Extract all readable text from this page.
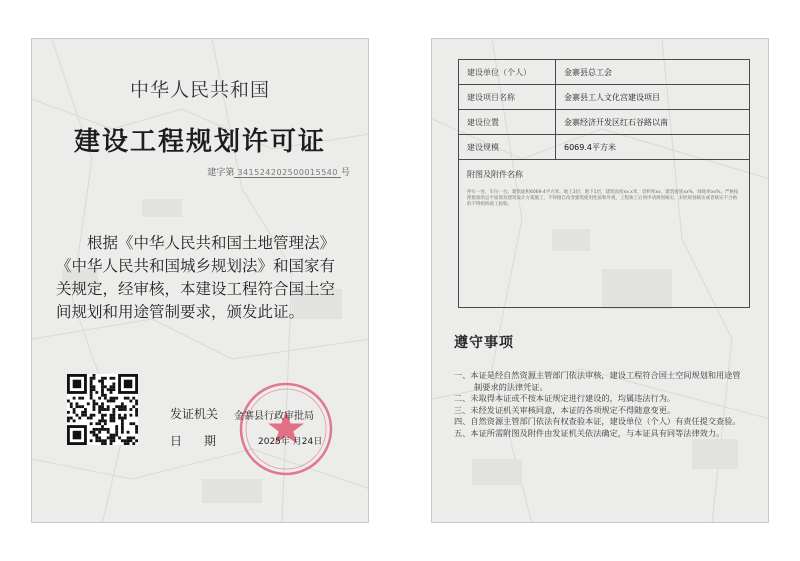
中华人民共和国
建设工程规划许可证
建字第 341524202500015540 号
根据《中华人民共和国土地管理法》《中华人民共和国城乡规划法》和国家有关规定，经审核，本建设工程符合国土空间规划和用途管制要求，颁发此证。
发证机关 金寨县行政审批局
日期 2025年 月24日
建设单位（个人）	金寨县总工会
建设项目名称	金寨县工人文化宫建设项目
建设位置	金寨经济开发区红石谷路以南
建设规模	6069.4平方米

附图及附件名称
停车一处，车位一台。建筑面积6069.4平方米，地上3层，地下1层，建筑高度xx.x米，容积率xx，建筑密度xx%，绿地率xx%。严格按照批准的总平面图及建筑设计方案施工，不得擅自改变建筑使用性质和外观，工程竣工后须申请规划核实，未经规划核实或者核实不合格的不得组织竣工验收。	
遵守事项
一、本证是经自然资源主管部门依法审核，建设工程符合国土空间规划和用途管制要求的法律凭证。
二、未取得本证或不按本证规定进行建设的，均属违法行为。
三、未经发证机关审核同意，本证的各项规定不得随意变更。
四、自然资源主管部门依法有权查验本证，建设单位（个人）有责任提交查验。
五、本证所需附图及附件由发证机关依法确定，与本证具有同等法律效力。
